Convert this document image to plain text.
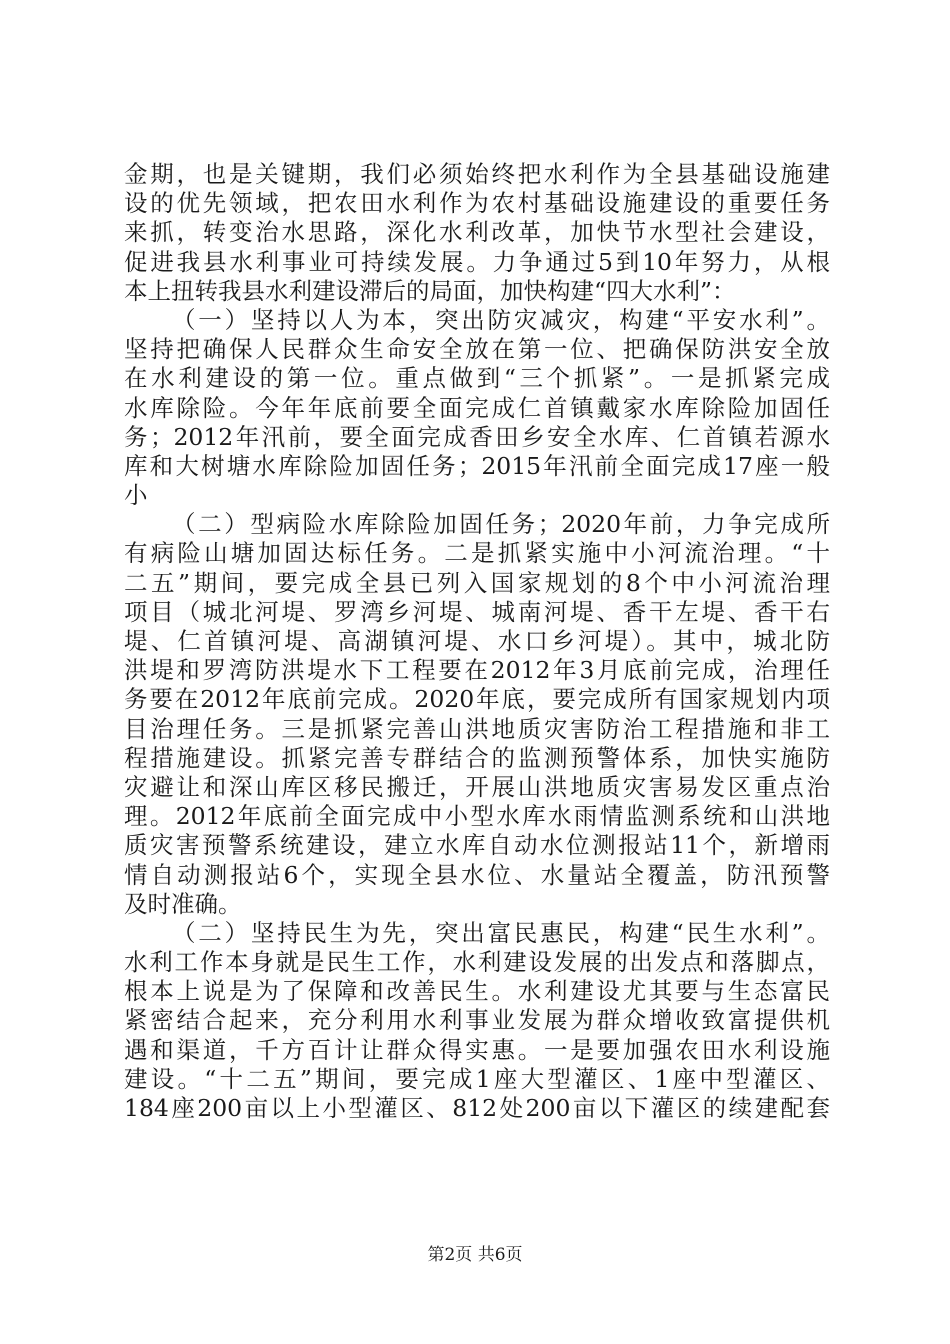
金期，也是关键期，我们必须始终把水利作为全县基础设施建
设的优先领域，把农田水利作为农村基础设施建设的重要任务
来抓，转变治水思路，深化水利改革，加快节水型社会建设，
促进我县水利事业可持续发展。力争通过5到10年努力，从根
本上扭转我县水利建设滞后的局面，加快构建“四大水利”：
（一）坚持以人为本，突出防灾减灾，构建“平安水利”。
坚持把确保人民群众生命安全放在第一位、把确保防洪安全放
在水利建设的第一位。重点做到“三个抓紧”。一是抓紧完成
水库除险。今年年底前要全面完成仁首镇戴家水库除险加固任
务；2012年汛前，要全面完成香田乡安全水库、仁首镇若源水
库和大树塘水库除险加固任务；2015年汛前全面完成17座一般
小
（二）型病险水库除险加固任务；2020年前，力争完成所
有病险山塘加固达标任务。二是抓紧实施中小河流治理。“十
二五”期间，要完成全县已列入国家规划的8个中小河流治理
项目（城北河堤、罗湾乡河堤、城南河堤、香干左堤、香干右
堤、仁首镇河堤、高湖镇河堤、水口乡河堤）。其中，城北防
洪堤和罗湾防洪堤水下工程要在2012年3月底前完成，治理任
务要在2012年底前完成。2020年底，要完成所有国家规划内项
目治理任务。三是抓紧完善山洪地质灾害防治工程措施和非工
程措施建设。抓紧完善专群结合的监测预警体系，加快实施防
灾避让和深山库区移民搬迁，开展山洪地质灾害易发区重点治
理。2012年底前全面完成中小型水库水雨情监测系统和山洪地
质灾害预警系统建设，建立水库自动水位测报站11个，新增雨
情自动测报站6个，实现全县水位、水量站全覆盖，防汛预警
及时准确。
（二）坚持民生为先，突出富民惠民，构建“民生水利”。
水利工作本身就是民生工作，水利建设发展的出发点和落脚点，
根本上说是为了保障和改善民生。水利建设尤其要与生态富民
紧密结合起来，充分利用水利事业发展为群众增收致富提供机
遇和渠道，千方百计让群众得实惠。一是要加强农田水利设施
建设。“十二五”期间，要完成1座大型灌区、1座中型灌区、
184座200亩以上小型灌区、812处200亩以下灌区的续建配套
第2页 共6页
